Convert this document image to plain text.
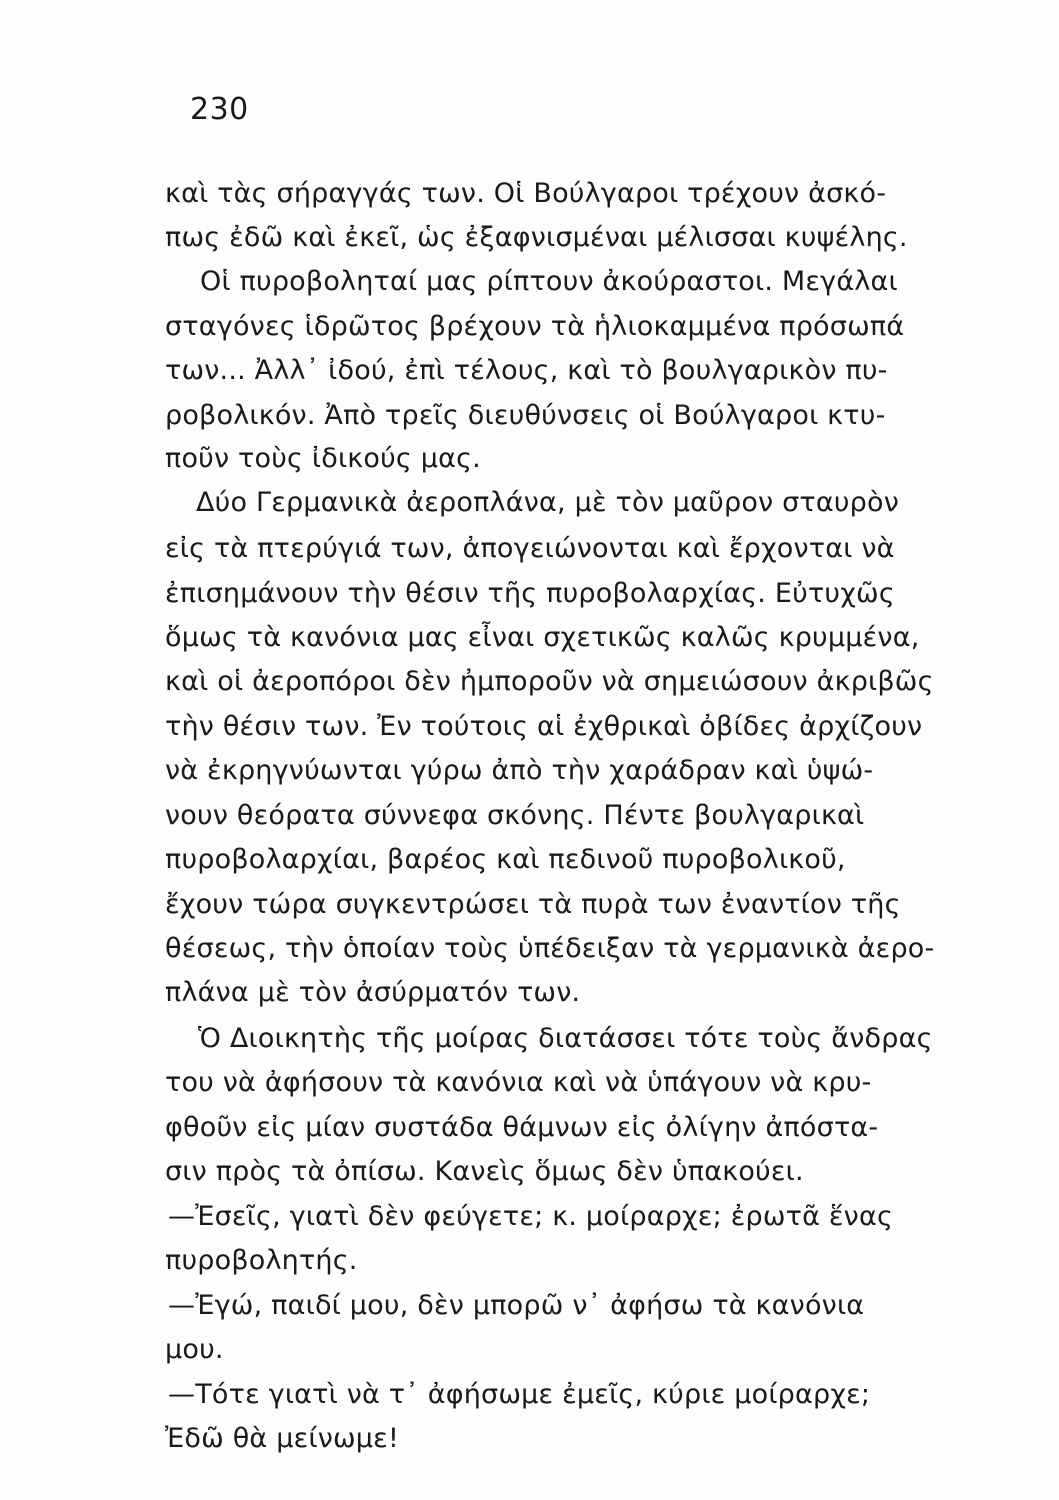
230
καὶ τὰς σήραγγάς των. Οἱ Βούλγαροι τρέχουν ἀσκό-
πως ἐδῶ καὶ ἐκεῖ, ὡς ἐξαφνισμέναι μέλισσαι κυψέλης.
Οἱ πυροβοληταί μας ρίπτουν ἀκούραστοι. Μεγάλαι
σταγόνες ἱδρῶτος βρέχουν τὰ ἡλιοκαμμένα πρόσωπά
των... Ἀλλ᾽ ἰδού, ἐπὶ τέλους, καὶ τὸ βουλγαρικὸν πυ-
ροβολικόν. Ἀπὸ τρεῖς διευθύνσεις οἱ Βούλγαροι κτυ-
ποῦν τοὺς ἰδικούς μας.
Δύο Γερμανικὰ ἀεροπλάνα, μὲ τὸν μαῦρον σταυρὸν
εἰς τὰ πτερύγιά των, ἀπογειώνονται καὶ ἔρχονται νὰ
ἐπισημάνουν τὴν θέσιν τῆς πυροβολαρχίας. Εὐτυχῶς
ὅμως τὰ κανόνια μας εἶναι σχετικῶς καλῶς κρυμμένα,
καὶ οἱ ἀεροπόροι δὲν ἠμποροῦν νὰ σημειώσουν ἀκριβῶς
τὴν θέσιν των. Ἐν τούτοις αἱ ἐχθρικαὶ ὀβίδες ἀρχίζουν
νὰ ἐκρηγνύωνται γύρω ἀπὸ τὴν χαράδραν καὶ ὑψώ-
νουν θεόρατα σύννεφα σκόνης. Πέντε βουλγαρικαὶ
πυροβολαρχίαι, βαρέος καὶ πεδινοῦ πυροβολικοῦ,
ἔχουν τώρα συγκεντρώσει τὰ πυρὰ των ἐναντίον τῆς
θέσεως, τὴν ὁποίαν τοὺς ὑπέδειξαν τὰ γερμανικὰ ἀερο-
πλάνα μὲ τὸν ἀσύρματόν των.
Ὁ Διοικητὴς τῆς μοίρας διατάσσει τότε τοὺς ἄνδρας
του νὰ ἀφήσουν τὰ κανόνια καὶ νὰ ὑπάγουν νὰ κρυ-
φθοῦν εἰς μίαν συστάδα θάμνων εἰς ὀλίγην ἀπόστα-
σιν πρὸς τὰ ὀπίσω. Κανεὶς ὅμως δὲν ὑπακούει.
—Ἐσεῖς, γιατὶ δὲν φεύγετε; κ. μοίραρχε; ἐρωτᾶ ἕνας
πυροβολητής.
—Ἐγώ, παιδί μου, δὲν μπορῶ ν᾽ ἀφήσω τὰ κανόνια
μου.
—Τότε γιατὶ νὰ τ᾽ ἀφήσωμε ἐμεῖς, κύριε μοίραρχε;
Ἐδῶ θὰ μείνωμε!
